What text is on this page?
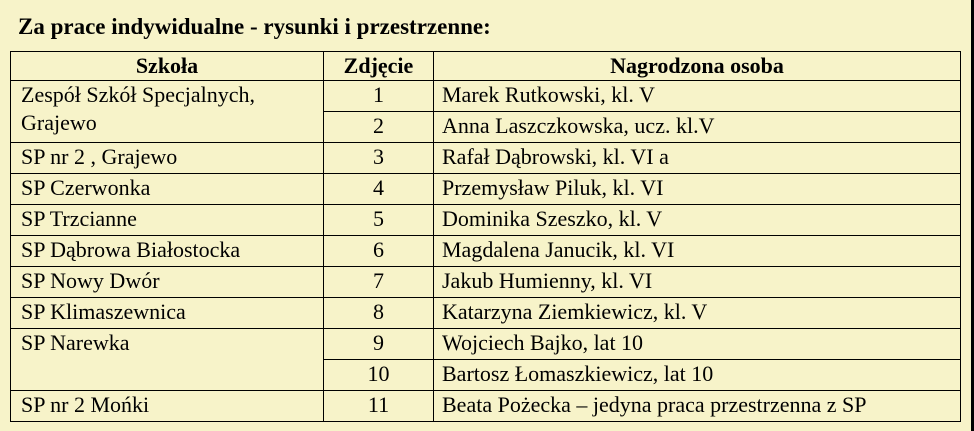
Za prace indywidualne - rysunki i przestrzenne:
Szkoła	Zdjęcie	Nagrodzona osoba

Zespół Szkół Specjalnych,
Grajewo	1	Marek Rutkowski, kl. V
	2	Anna Laszczkowska, ucz. kl.V
SP nr 2 , Grajewo	3	Rafał Dąbrowski, kl. VI a
SP Czerwonka	4	Przemysław Piluk, kl. VI
SP Trzcianne	5	Dominika Szeszko, kl. V
SP Dąbrowa Białostocka	6	Magdalena Janucik, kl. VI
SP Nowy Dwór	7	Jakub Humienny, kl. VI
SP Klimaszewnica	8	Katarzyna Ziemkiewicz, kl. V
SP Narewka	9	Wojciech Bajko, lat 10
	10	Bartosz Łomaszkiewicz, lat 10
SP nr 2 Mońki	11	Beata Pożecka – jedyna praca przestrzenna z SP
